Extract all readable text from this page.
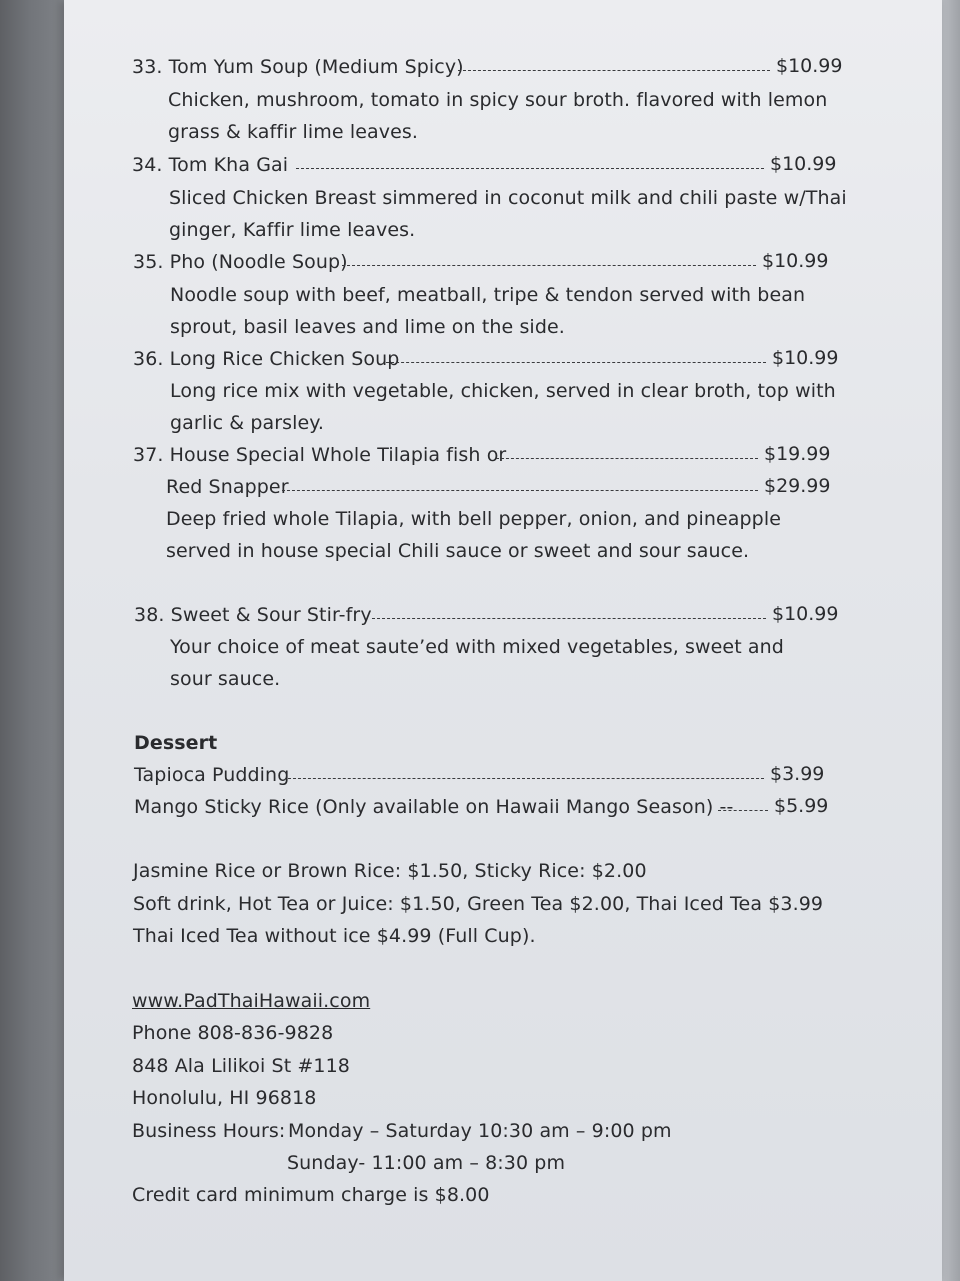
33. Tom Yum Soup (Medium Spicy)	$10.99
Chicken, mushroom, tomato in spicy sour broth. flavored with lemon
grass & kaffir lime leaves.
34. Tom Kha Gai	$10.99
Sliced Chicken Breast simmered in coconut milk and chili paste w/Thai
ginger, Kaffir lime leaves.
35. Pho (Noodle Soup)	$10.99
Noodle soup with beef, meatball, tripe & tendon served with bean
sprout, basil leaves and lime on the side.
36. Long Rice Chicken Soup	$10.99
Long rice mix with vegetable, chicken, served in clear broth, top with
garlic & parsley.
37. House Special Whole Tilapia fish or	$19.99
Red Snapper	$29.99
Deep fried whole Tilapia, with bell pepper, onion, and pineapple
served in house special Chili sauce or sweet and sour sauce.
38. Sweet & Sour Stir-fry	$10.99
Your choice of meat saute’ed with mixed vegetables, sweet and
sour sauce.
Dessert
Tapioca Pudding	$3.99
Mango Sticky Rice (Only available on Hawaii Mango Season) -- $5.99
Jasmine Rice or Brown Rice: $1.50, Sticky Rice: $2.00
Soft drink, Hot Tea or Juice: $1.50, Green Tea $2.00, Thai Iced Tea $3.99
Thai Iced Tea without ice $4.99 (Full Cup).
www.PadThaiHawaii.com
Phone 808-836-9828
848 Ala Lilikoi St #118
Honolulu, HI 96818
Business Hours: Monday – Saturday 10:30 am – 9:00 pm
Sunday- 11:00 am – 8:30 pm
Credit card minimum charge is $8.00
